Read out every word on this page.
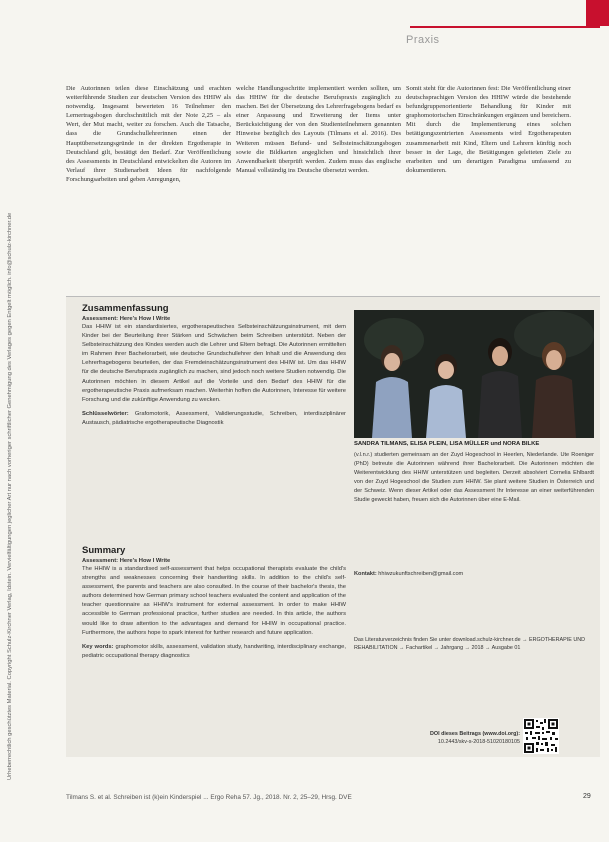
Urheberrechtlich geschütztes Material. Copyright Schulz-Kirchner Verlag, Idstein. Vervielfältigungen jeglicher Art nur nach vorheriger schriftlicher Genehmigung des Verlages gegen Entgelt möglich. info@schulz-kirchner.de
Praxis

Die Autorinnen teilen diese Einschätzung und erachten weiterführende Studien zur deutschen Version des HHIW als notwendig. Insgesamt bewerteten 16 Teilnehmer den Lernertragsbogen durchschnittlich mit der Note 2,25 – als Wert, der Mut macht, weiter zu forschen. Auch die Tatsache, dass die Grundschullehrerinnen einen der Hauptübersetzungsgründe in der direkten Ergotherapie in Deutschland gilt, bestätigt den Bedarf. Zur Veröffentlichung des Assessments in Deutschland entwickelten die Autoren im Verlauf ihrer Studienarbeit Ideen für nachfolgende Forschungsarbeiten und geben Anregungen,

welche Handlungsschritte implementiert werden sollten, um das HHIW für die deutsche Berufspraxis zugänglich zu machen. Bei der Übersetzung des Lehrerfragebogens bedarf es einer Anpassung und Erweiterung der Items unter Berücksichtigung der von den Studienteilnehmern genannten Hinweise bezüglich des Layouts (Tilmans et al. 2016). Des Weiteren müssen Befund- und Selbsteinschätzungsbogen sowie die Bildkarten angeglichen und hinsichtlich ihrer Anwendbarkeit überprüft werden. Zudem muss das englische Manual vollständig ins Deutsche übersetzt werden.

Somit steht für die Autorinnen fest: Die Veröffentlichung einer deutschsprachigen Version des HHIW würde die bestehende befundgruppenorientierte Behandlung für Kinder mit graphomotorischen Einschränkungen ergänzen und bereichern. Mit durch die Implementierung eines solchen betätigungszentrierten Assessments wird Ergotherapeuten zusammenarbeit mit Kind, Eltern und Lehrern künftig noch besser in der Lage, die Betätigungen geleiteten Ziele zu erarbeiten und um derartigen Paradigma umfassend zu dokumentieren.

Zusammenfassung
Assessment: Here's How I Write

Das HHIW ist ein standardisiertes, ergotherapeutisches Selbsteinschätzungsinstrument, mit dem Kinder bei der Beurteilung ihrer Stärken und Schwächen beim Schreiben unterstützt. Neben der Selbsteinschätzung des Kindes werden auch die Lehrer und Eltern befragt. Die Autorinnen ermittelten im Rahmen ihrer Bachelorarbeit, wie deutsche Grundschullehrer den Inhalt und die Anwendung des Lehrerfragebogens beurteilen, der das Fremdeinschätzungsinstrument des HHIW ist. Um das HHIW für die deutsche Berufspraxis zugänglich zu machen, sind jedoch noch weitere Studien notwendig. Die Autorinnen möchten in diesem Artikel auf die Vorteile und den Bedarf des HHIW für die ergotherapeutische Praxis aufmerksam machen. Weiterhin hoffen die Autorinnen, Interesse für weitere Forschung und die zukünftige Anwendung zu wecken.

Schlüsselwörter: Grafomotorik, Assessment, Validierungsstudie, Schreiben, interdisziplinärer Austausch, pädiatrische ergotherapeutische Diagnostik

Summary
Assessment: Here's How I Write

The HHIW is a standardised self-assessment that helps occupational therapists evaluate the child's strengths and weaknesses concerning their handwriting skills. In addition to the child's self-assessment, the parents and teachers are also consulted. In the course of their bachelor's thesis, the authors determined how German primary school teachers evaluated the content and application of the teacher questionnaire as HHIW's instrument for external assessment. In order to make HHIW accessible to German professional practice, further studies are needed. In this article, the authors would like to draw attention to the advantages and demand for HHIW in occupational practice. Furthermore, the authors hope to spark interest for further research and future application.

Key words: graphomotor skills, assessment, validation study, handwriting, interdisciplinary exchange, pediatric occupational therapy diagnostics

SANDRA TILMANS, ELISA PLEIN, LISA MÜLLER und NORA BILKE
(v.l.n.r.) studierten gemeinsam an der Zuyd Hogeschool in Heerlen, Niederlande. Ute Roeniger (PhD) betreute die Autorinnen während ihrer Bachelorarbeit. Die Autorinnen möchten die Weiterentwicklung des HHIW unterstützen und begleiten. Derzeit absolviert Cornelia Ehlbardt von der Zuyd Hogeschool die Studien zum HHIW. Sie plant weitere Studien in Österreich und der Schweiz. Wenn dieser Artikel oder das Assessment Ihr Interesse an einer weiterführenden Studie geweckt haben, freuen sich die Autorinnen über eine E-Mail.
Kontakt: hhiwzukunftschreiben@gmail.com
Das Literaturverzeichnis finden Sie unter download.schulz-kirchner.de → ERGOTHERAPIE UND REHABILITATION → Fachartikel → Jahrgang → 2018 → Ausgabe 01
DOI dieses Beitrags (www.doi.org):
10.2443/skv-s-2018-51020180105
Tilmans S. et al. Schreiben ist (k)ein Kinderspiel ... Ergo Reha 57. Jg., 2018. Nr. 2, 25–29, Hrsg. DVE	29
